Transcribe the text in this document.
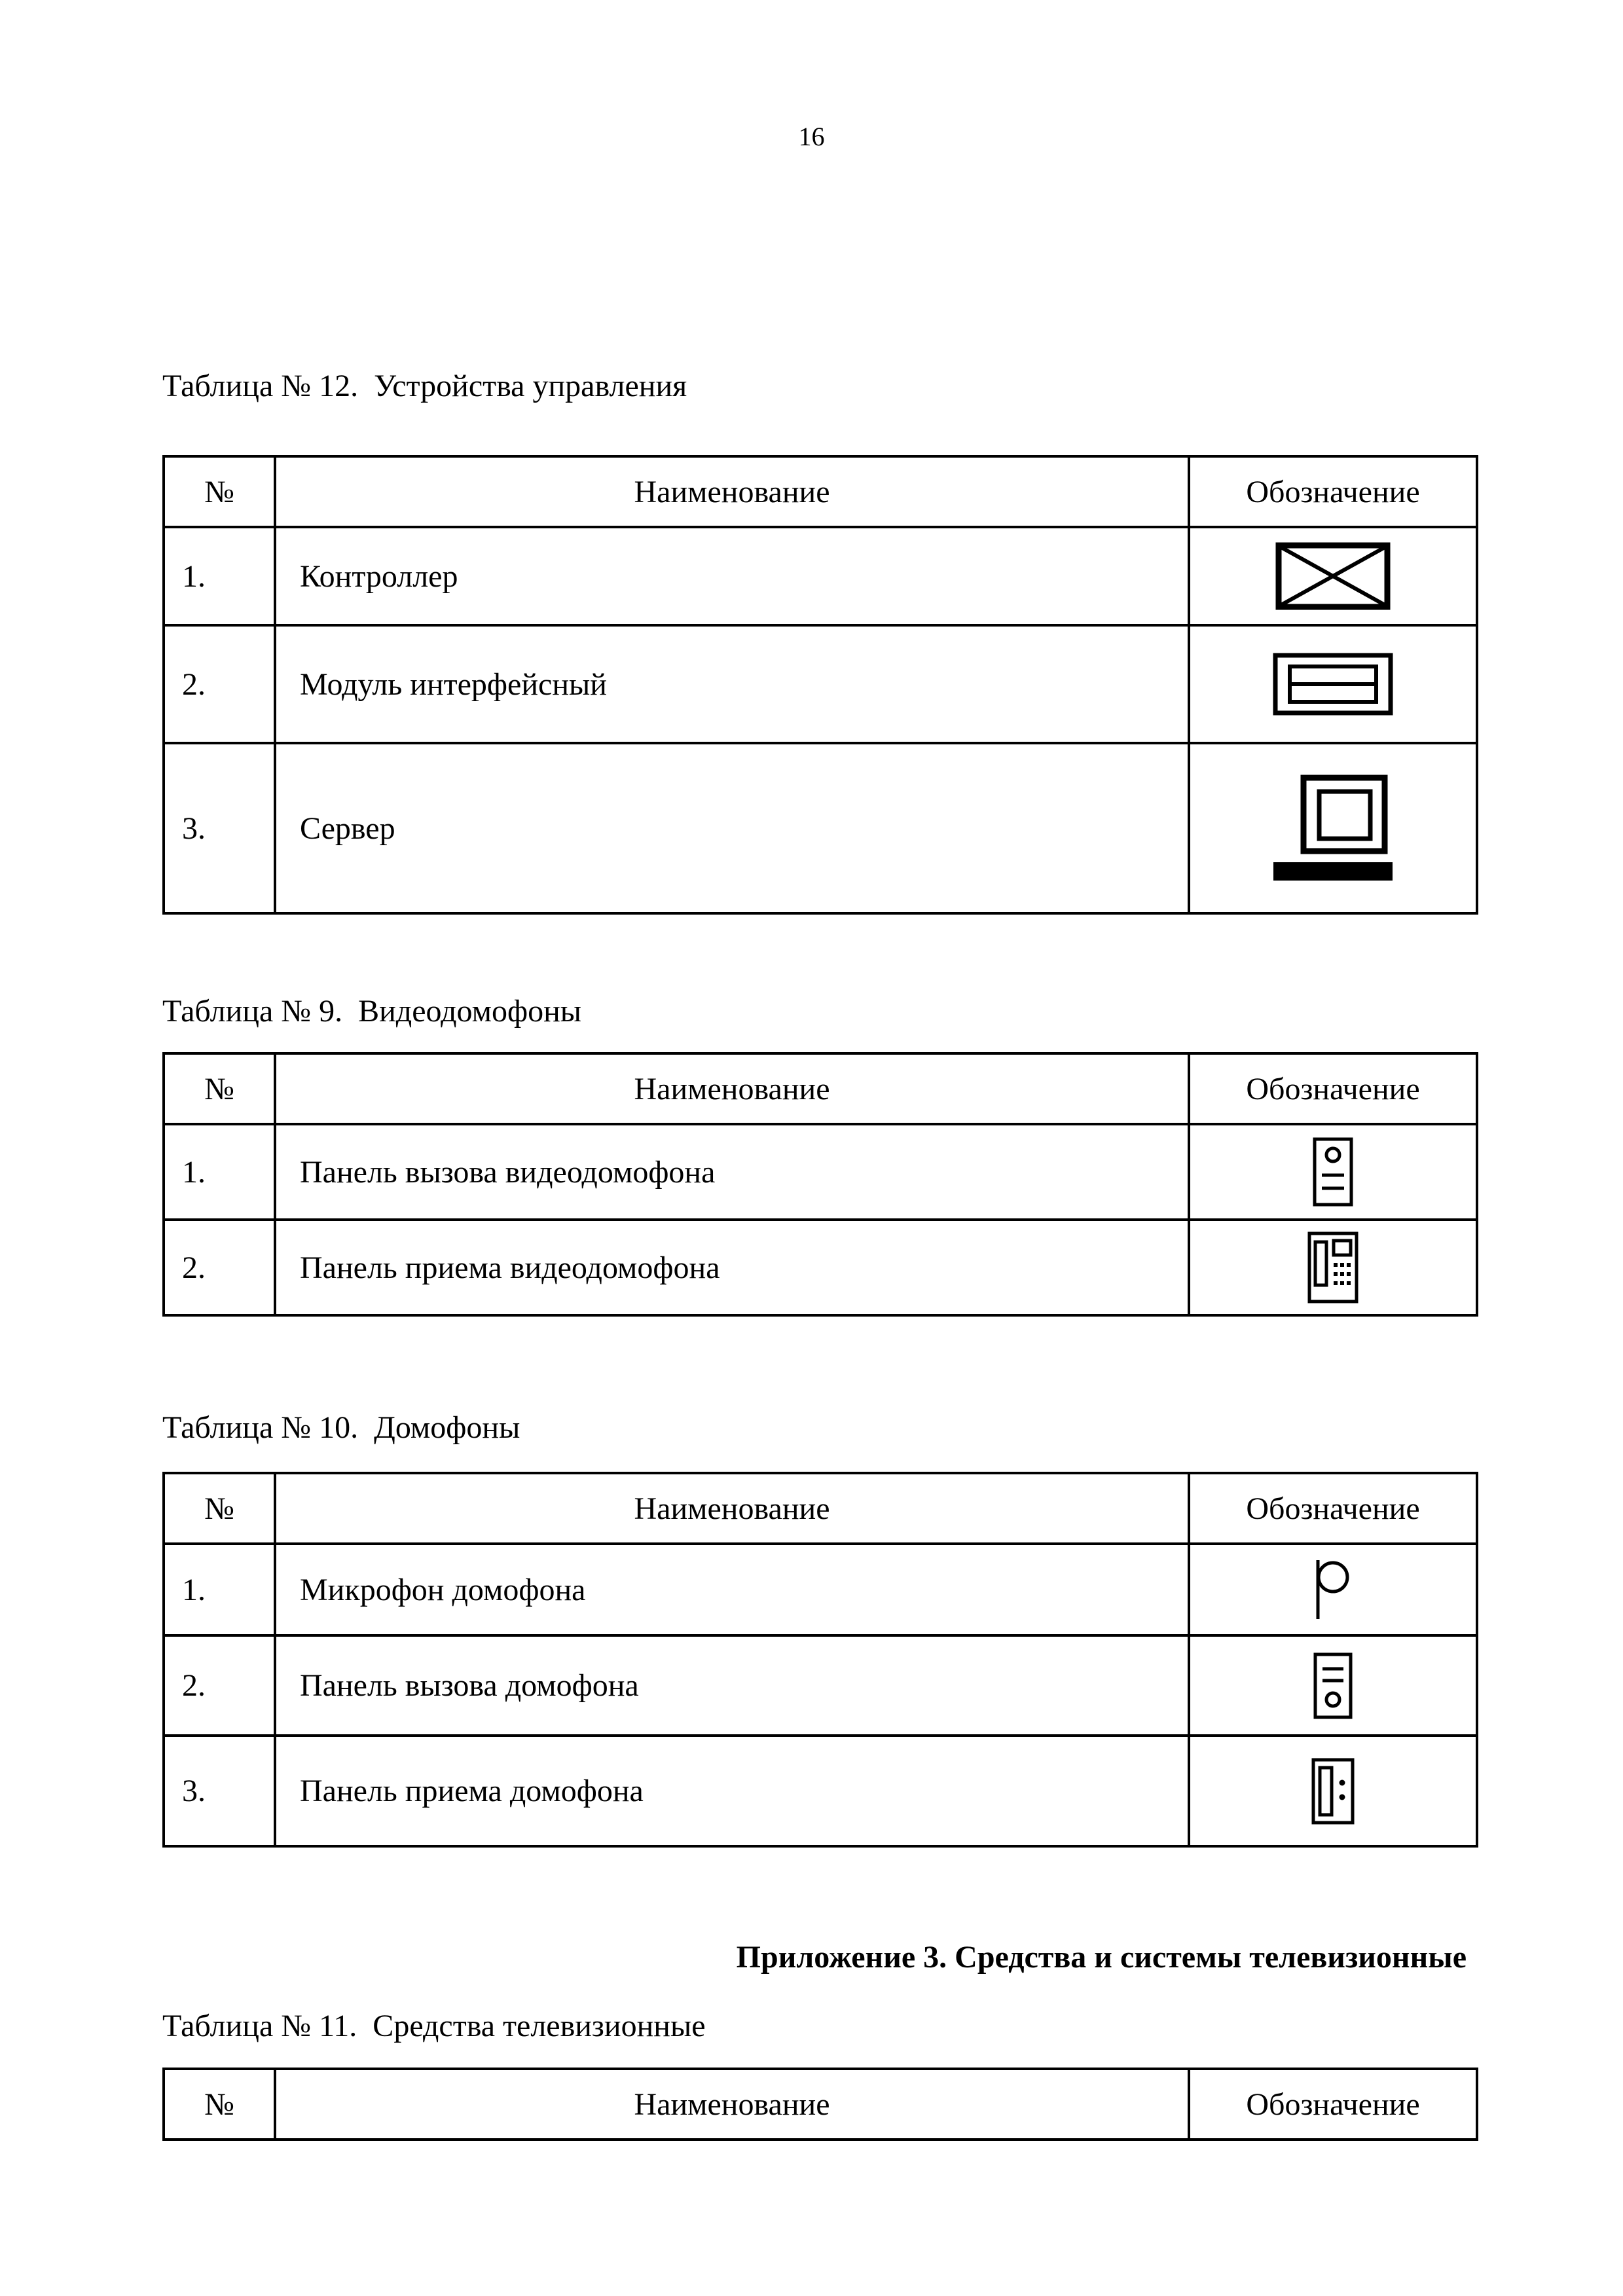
16
Таблица № 12.  Устройства управления
№	Наименование	Обозначение
1.	Контроллер	
2.	Модуль интерфейсный	
3.	Сервер	
Таблица № 9.  Видеодомофоны
№	Наименование	Обозначение
1.	Панель вызова видеодомофона	
2.	Панель приема видеодомофона	
Таблица № 10.  Домофоны
№	Наименование	Обозначение
1.	Микрофон домофона	
2.	Панель вызова домофона	
3.	Панель приема домофона	
Приложение 3. Средства и системы телевизионные
Таблица № 11.  Средства телевизионные
№	Наименование	Обозначение
